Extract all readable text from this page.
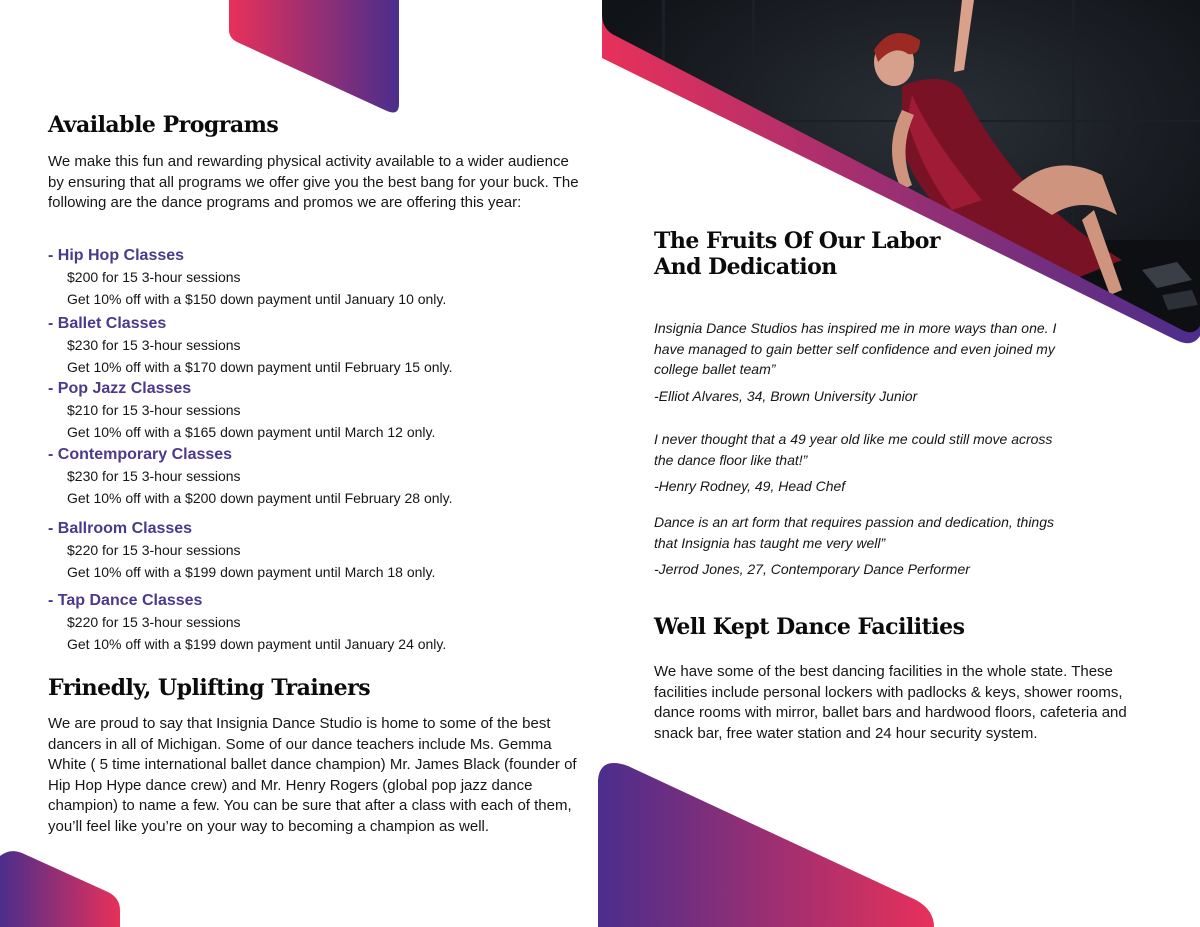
Available Programs

We make this fun and rewarding physical activity available to a wider audience by ensuring that all programs we offer give you the best bang for your buck. The following are the dance programs and promos we are offering this year:

- Hip Hop Classes
$200 for 15 3-hour sessions
Get 10% off with a $150 down payment until January 10 only.
- Ballet Classes
$230 for 15 3-hour sessions
Get 10% off with a $170 down payment until February 15 only.
- Pop Jazz Classes
$210 for 15 3-hour sessions
Get 10% off with a $165 down payment until March 12 only.
- Contemporary Classes
$230 for 15 3-hour sessions
Get 10% off with a $200 down payment until February 28 only.
- Ballroom Classes
$220 for 15 3-hour sessions
Get 10% off with a $199 down payment until March 18 only.
- Tap Dance Classes
$220 for 15 3-hour sessions
Get 10% off with a $199 down payment until January 24 only.
Frinedly, Uplifting Trainers

We are proud to say that Insignia Dance Studio is home to some of the best dancers in all of Michigan. Some of our dance teachers include Ms. Gemma White ( 5 time international ballet dance champion) Mr. James Black (founder of Hip Hop Hype dance crew) and Mr. Henry Rogers (global pop jazz dance champion) to name a few. You can be sure that after a class with each of them, you’ll feel like you’re on your way to becoming a champion as well.

The Fruits Of Our Labor
And Dedication
Insignia Dance Studios has inspired me in more ways than one. I have managed to gain better self confidence and even joined my college ballet team”
-Elliot Alvares, 34, Brown University Junior
I never thought that a 49 year old like me could still move across the dance floor like that!”
-Henry Rodney, 49, Head Chef
Dance is an art form that requires passion and dedication, things that Insignia has taught me very well”
-Jerrod Jones, 27, Contemporary Dance Performer
Well Kept Dance Facilities

We have some of the best dancing facilities in the whole state. These facilities include personal lockers with padlocks & keys, shower rooms, dance rooms with mirror, ballet bars and hardwood floors, cafeteria and snack bar, free water station and 24 hour security system.
